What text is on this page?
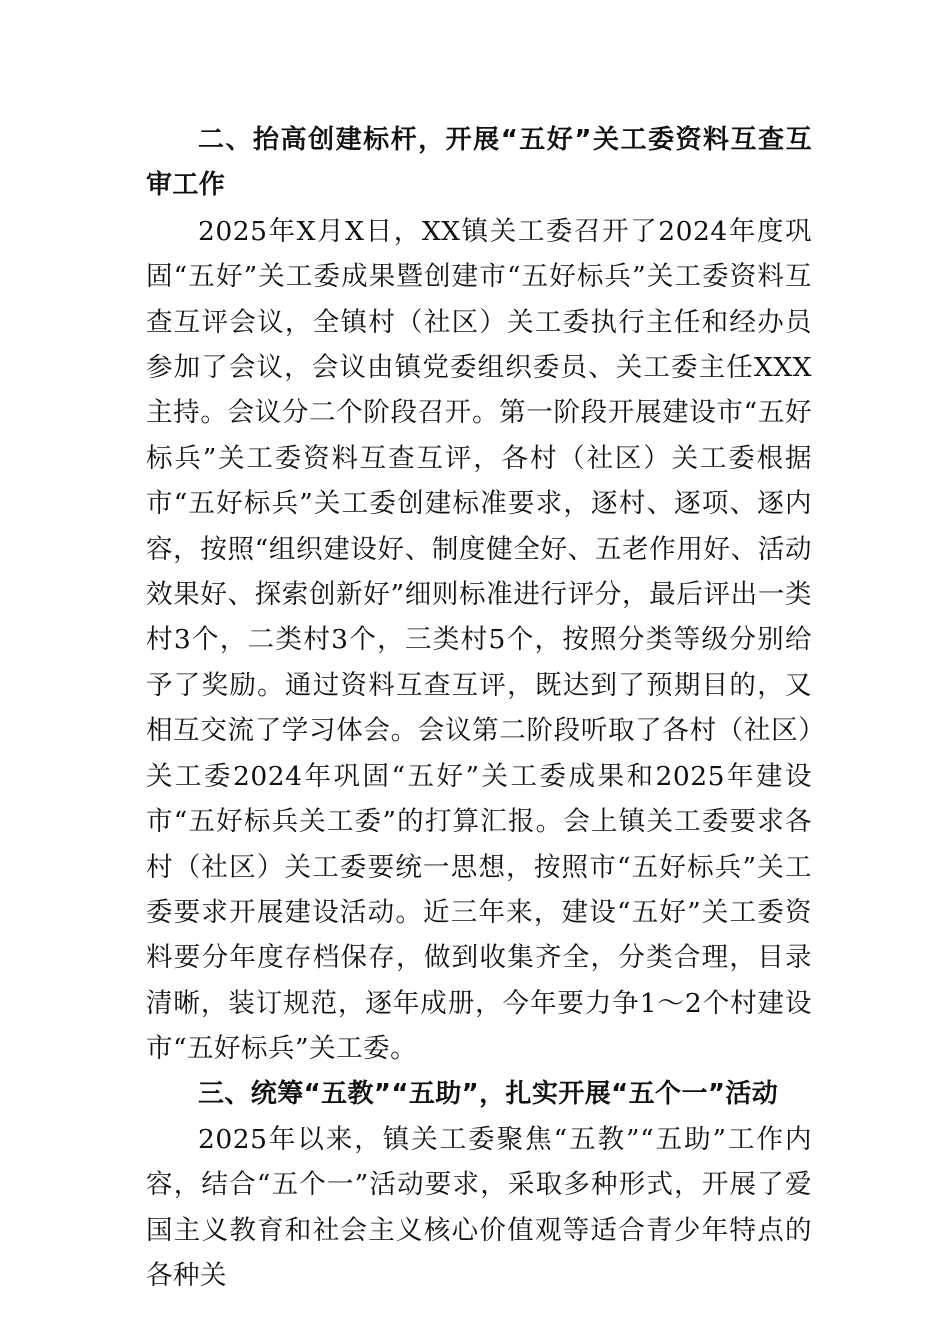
二、抬高创建标杆，开展“五好”关工委资料互查互审工作

2025年X月X日，XX镇关工委召开了2024年度巩固“五好”关工委成果暨创建市“五好标兵”关工委资料互查互评会议，全镇村（社区）关工委执行主任和经办员参加了会议，会议由镇党委组织委员、关工委主任XXX主持。会议分二个阶段召开。第一阶段开展建设市“五好标兵”关工委资料互查互评，各村（社区）关工委根据市“五好标兵”关工委创建标准要求，逐村、逐项、逐内容，按照“组织建设好、制度健全好、五老作用好、活动效果好、探索创新好”细则标准进行评分，最后评出一类村3个，二类村3个，三类村5个，按照分类等级分别给予了奖励。通过资料互查互评，既达到了预期目的，又相互交流了学习体会。会议第二阶段听取了各村（社区）关工委2024年巩固“五好”关工委成果和2025年建设市“五好标兵关工委”的打算汇报。会上镇关工委要求各村（社区）关工委要统一思想，按照市“五好标兵”关工委要求开展建设活动。近三年来，建设“五好”关工委资料要分年度存档保存，做到收集齐全，分类合理，目录清晰，装订规范，逐年成册，今年要力争1～2个村建设市“五好标兵”关工委。

三、统筹“五教”“五助”，扎实开展“五个一”活动

2025年以来，镇关工委聚焦“五教”“五助”工作内容，结合“五个一”活动要求，采取多种形式，开展了爱国主义教育和社会主义核心价值观等适合青少年特点的各种关
